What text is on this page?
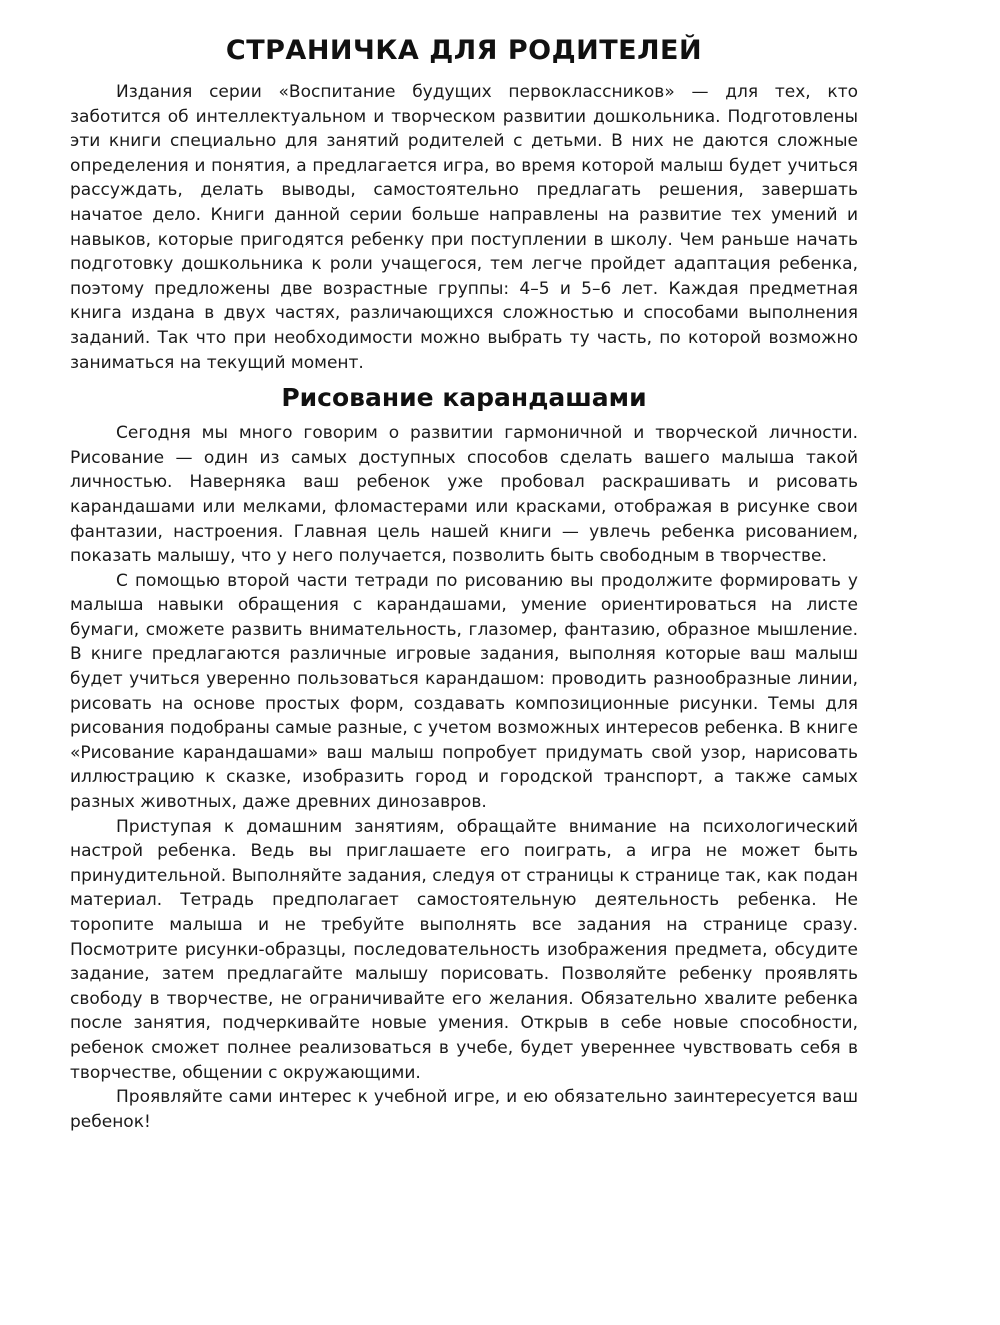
СТРАНИЧКА ДЛЯ РОДИТЕЛЕЙ

Издания серии «Воспитание будущих первоклассников» — для тех, кто заботится об интеллектуальном и творческом развитии дошкольника. Подготовлены эти книги специально для занятий родителей с детьми. В них не даются сложные определения и понятия, а предлагается игра, во время которой малыш будет учиться рассуждать, делать выводы, самостоятельно предлагать решения, завершать начатое дело. Книги данной серии больше направлены на развитие тех умений и навыков, которые пригодятся ребенку при поступлении в школу. Чем раньше начать подготовку дошкольника к роли учащегося, тем легче пройдет адаптация ребенка, поэтому предложены две возрастные группы: 4–5 и 5–6 лет. Каждая предметная книга издана в двух частях, различающихся сложностью и способами выполнения заданий. Так что при необходимости можно выбрать ту часть, по которой возможно заниматься на текущий момент.

Рисование карандашами

Сегодня мы много говорим о развитии гармоничной и творческой личности. Рисование — один из самых доступных способов сделать вашего малыша такой личностью. Наверняка ваш ребенок уже пробовал раскрашивать и рисовать карандашами или мелками, фломастерами или красками, отображая в рисунке свои фантазии, настроения. Главная цель нашей книги — увлечь ребенка рисованием, показать малышу, что у него получается, позволить быть свободным в творчестве.

С помощью второй части тетради по рисованию вы продолжите формировать у малыша навыки обращения с карандашами, умение ориентироваться на листе бумаги, сможете развить внимательность, глазомер, фантазию, образное мышление. В книге предлагаются различные игровые задания, выполняя которые ваш малыш будет учиться уверенно пользоваться карандашом: проводить разнообразные линии, рисовать на основе простых форм, создавать композиционные рисунки. Темы для рисования подобраны самые разные, с учетом возможных интересов ребенка. В книге «Рисование карандашами» ваш малыш попробует придумать свой узор, нарисовать иллюстрацию к сказке, изобразить город и городской транспорт, а также самых разных животных, даже древних динозавров.

Приступая к домашним занятиям, обращайте внимание на психологический настрой ребенка. Ведь вы приглашаете его поиграть, а игра не может быть принудительной. Выполняйте задания, следуя от страницы к странице так, как подан материал. Тетрадь предполагает самостоятельную деятельность ребенка. Не торопите малыша и не требуйте выполнять все задания на странице сразу. Посмотрите рисунки-образцы, последовательность изображения предмета, обсудите задание, затем предлагайте малышу порисовать. Позволяйте ребенку проявлять свободу в творчестве, не ограничивайте его желания. Обязательно хвалите ребенка после занятия, подчеркивайте новые умения. Открыв в себе новые способности, ребенок сможет полнее реализоваться в учебе, будет увереннее чувствовать себя в творчестве, общении с окружающими.

Проявляйте сами интерес к учебной игре, и ею обязательно заинтересуется ваш ребенок!
